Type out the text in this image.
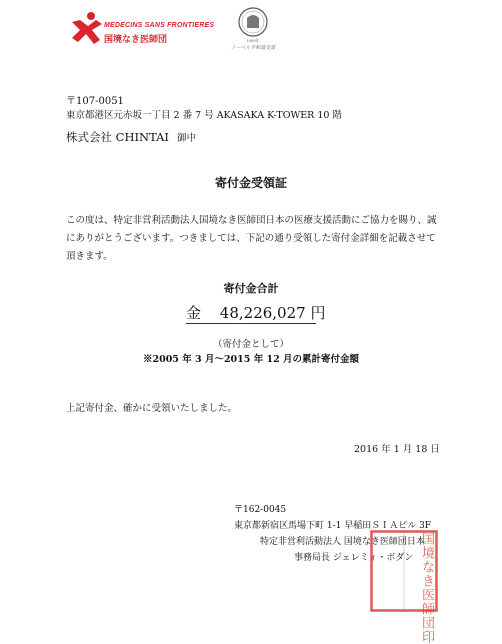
MEDECINS SANS FRONTIERES
国境なき医師団	1999年
ノーベル平和賞受賞
〒107-0051
東京都港区元赤坂一丁目 2 番 7 号 AKASAKA K-TOWER 10 階
株式会社 CHINTAI 御中
寄付金受領証
この度は、特定非営利活動法人国境なき医師団日本の医療支援活動にご協力を賜り、誠にありがとうございます。つきましては、下記の通り受領した寄付金詳細を記載させて頂きます。
寄付金合計
金 48,226,027 円
（寄付金として）
※2005 年 3 月～2015 年 12 月の累計寄付金額
上記寄付金、確かに受領いたしました。
2016 年 1 月 18 日
〒162-0045
東京都新宿区馬場下町 1-1 早稲田ＳＩＡビル 3F
特定非営利活動法人 国境なき医師団日本
事務局長 ジェレミィ・ボダン 国境なき医師団印
